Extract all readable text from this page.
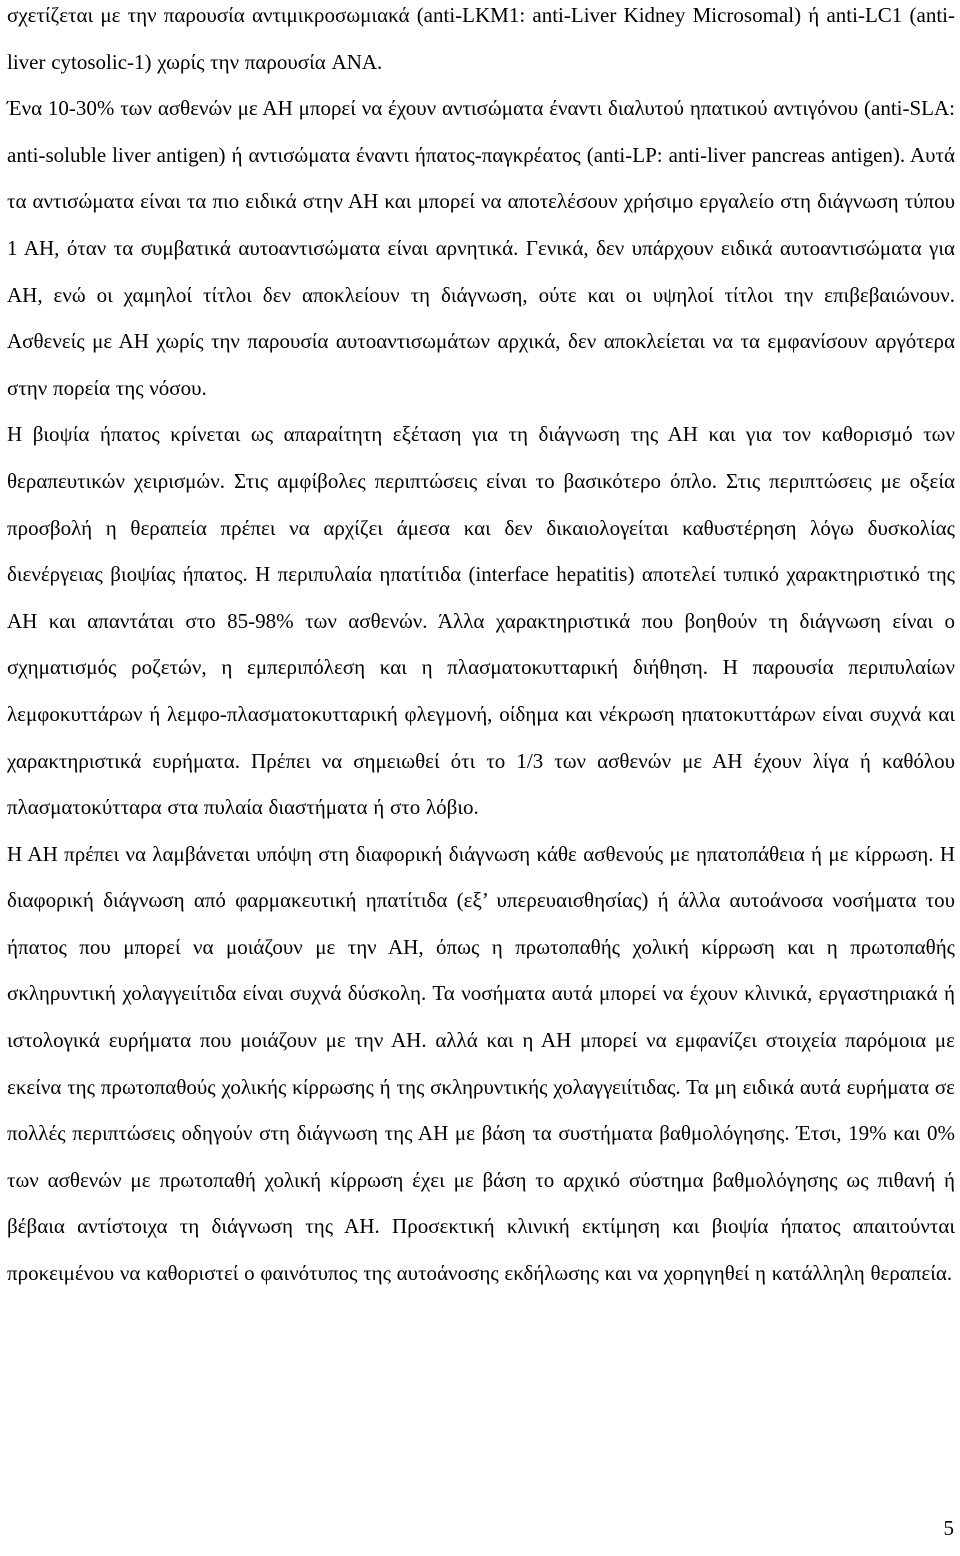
σχετίζεται με την παρουσία αντιμικροσωμιακά (anti-LKM1: anti-Liver Kidney Microsomal) ή anti-LC1 (anti-liver cytosolic-1) χωρίς την παρουσία ANA.

Ένα 10-30% των ασθενών με ΑΗ μπορεί να έχουν αντισώματα έναντι διαλυτού ηπατικού αντιγόνου (anti-SLA: anti-soluble liver antigen) ή αντισώματα έναντι ήπατος-παγκρέατος (anti-LP: anti-liver pancreas antigen). Αυτά τα αντισώματα είναι τα πιο ειδικά στην ΑΗ και μπορεί να αποτελέσουν χρήσιμο εργαλείο στη διάγνωση τύπου 1 ΑΗ, όταν τα συμβατικά αυτοαντισώματα είναι αρνητικά. Γενικά, δεν υπάρχουν ειδικά αυτοαντισώματα για ΑΗ, ενώ οι χαμηλοί τίτλοι δεν αποκλείουν τη διάγνωση, ούτε και οι υψηλοί τίτλοι την επιβεβαιώνουν. Ασθενείς με ΑΗ χωρίς την παρουσία αυτοαντισωμάτων αρχικά, δεν αποκλείεται να τα εμφανίσουν αργότερα στην πορεία της νόσου.

Η βιοψία ήπατος κρίνεται ως απαραίτητη εξέταση για τη διάγνωση της ΑΗ και για τον καθορισμό των θεραπευτικών χειρισμών. Στις αμφίβολες περιπτώσεις είναι το βασικότερο όπλο. Στις περιπτώσεις με οξεία προσβολή η θεραπεία πρέπει να αρχίζει άμεσα και δεν δικαιολογείται καθυστέρηση λόγω δυσκολίας διενέργειας βιοψίας ήπατος. Η περιπυλαία ηπατίτιδα (interface hepatitis) αποτελεί τυπικό χαρακτηριστικό της ΑΗ και απαντάται στο 85-98% των ασθενών. Άλλα χαρακτηριστικά που βοηθούν τη διάγνωση είναι ο σχηματισμός ροζετών, η εμπεριπόλεση και η πλασματοκυτταρική διήθηση. Η παρουσία περιπυλαίων λεμφοκυττάρων ή λεμφο-πλασματοκυτταρική φλεγμονή, οίδημα και νέκρωση ηπατοκυττάρων είναι συχνά και χαρακτηριστικά ευρήματα. Πρέπει να σημειωθεί ότι το 1/3 των ασθενών με ΑΗ έχουν λίγα ή καθόλου πλασματοκύτταρα στα πυλαία διαστήματα ή στο λόβιο.

Η ΑΗ πρέπει να λαμβάνεται υπόψη στη διαφορική διάγνωση κάθε ασθενούς με ηπατοπάθεια ή με κίρρωση. Η διαφορική διάγνωση από φαρμακευτική ηπατίτιδα (εξ’ υπερευαισθησίας) ή άλλα αυτοάνοσα νοσήματα του ήπατος που μπορεί να μοιάζουν με την ΑΗ, όπως η πρωτοπαθής χολική κίρρωση και η πρωτοπαθής σκληρυντική χολαγγειίτιδα είναι συχνά δύσκολη. Τα νοσήματα αυτά μπορεί να έχουν κλινικά, εργαστηριακά ή ιστολογικά ευρήματα που μοιάζουν με την ΑΗ. αλλά και η ΑΗ μπορεί να εμφανίζει στοιχεία παρόμοια με εκείνα της πρωτοπαθούς χολικής κίρρωσης ή της σκληρυντικής χολαγγειίτιδας. Τα μη ειδικά αυτά ευρήματα σε πολλές περιπτώσεις οδηγούν στη διάγνωση της ΑΗ με βάση τα συστήματα βαθμολόγησης. Έτσι, 19% και 0% των ασθενών με πρωτοπαθή χολική κίρρωση έχει με βάση το αρχικό σύστημα βαθμολόγησης ως πιθανή ή βέβαια αντίστοιχα τη διάγνωση της ΑΗ. Προσεκτική κλινική εκτίμηση και βιοψία ήπατος απαιτούνται προκειμένου να καθοριστεί ο φαινότυπος της αυτοάνοσης εκδήλωσης και να χορηγηθεί η κατάλληλη θεραπεία.

5
